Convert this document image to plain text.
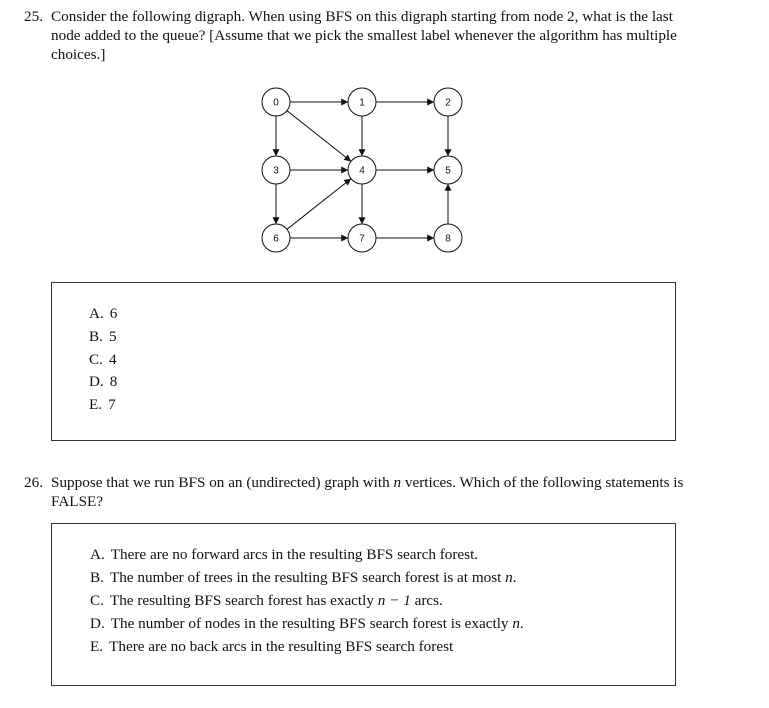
25. Consider the following digraph. When using BFS on this digraph starting from node 2, what is the last node added to the queue? [Assume that we pick the smallest label whenever the algorithm has multiple choices.]
0	1	2
3	4	5
6	7	8
A. 6
B. 5
C. 4
D. 8
E. 7
26. Suppose that we run BFS on an (undirected) graph with n vertices. Which of the following statements is FALSE?
A. There are no forward arcs in the resulting BFS search forest.
B. The number of trees in the resulting BFS search forest is at most n.
C. The resulting BFS search forest has exactly n − 1 arcs.
D. The number of nodes in the resulting BFS search forest is exactly n.
E. There are no back arcs in the resulting BFS search forest
